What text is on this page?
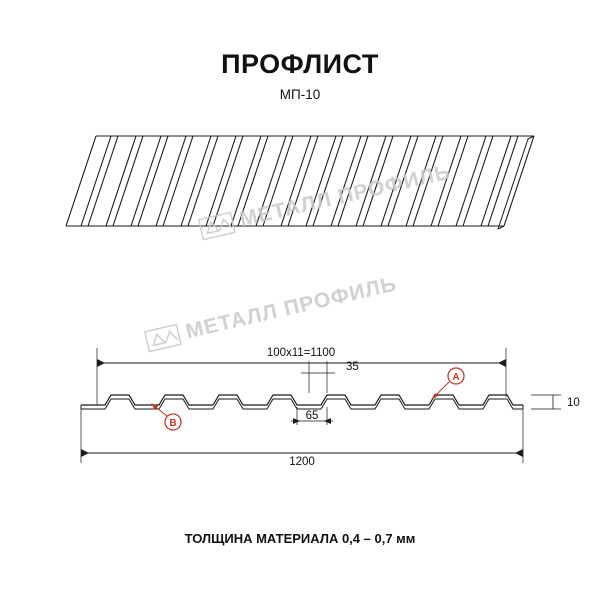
ПРОФЛИСТ
МП-10
100х11=1100
35
65
10
1200
A
B
МЕТАЛЛ ПРОФИЛЬ
МЕТАЛЛ ПРОФИЛЬ
ТОЛЩИНА МАТЕРИАЛА 0,4 – 0,7 мм
